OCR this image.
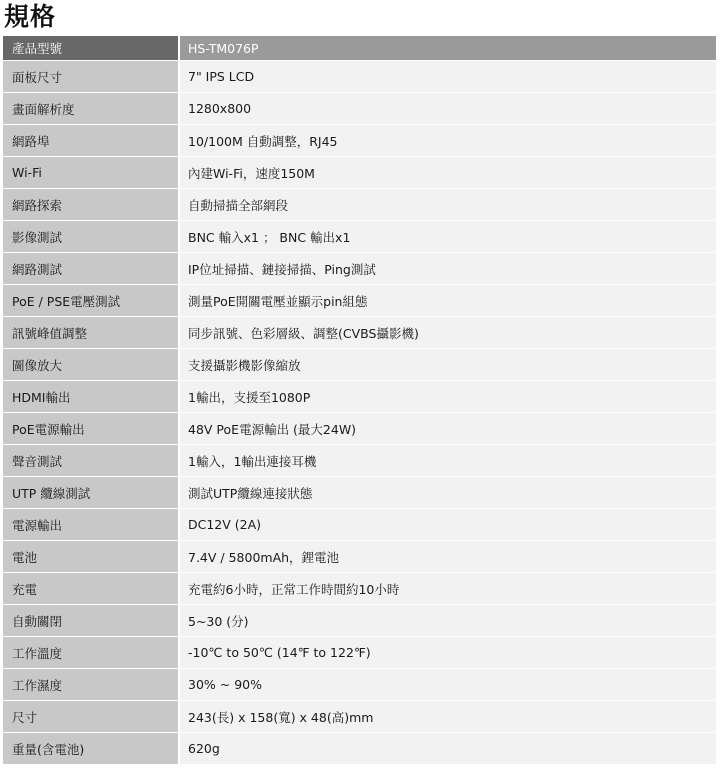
規格
產品型號	HS-TM076P
面板尺寸	7" IPS LCD
畫面解析度	1280x800
網路埠	10/100M 自動調整，RJ45
Wi-Fi	內建Wi-Fi，速度150M
網路探索	自動掃描全部網段
影像測試	BNC 輸入x1 ； BNC 輸出x1
網路測試	IP位址掃描、鏈接掃描、Ping測試
PoE / PSE電壓測試	測量PoE開關電壓並顯示pin組態
訊號峰值調整	同步訊號、色彩層級、調整(CVBS攝影機)
圖像放大	支援攝影機影像縮放
HDMI輸出	1輸出，支援至1080P
PoE電源輸出	48V PoE電源輸出 (最大24W)
聲音測試	1輸入，1輸出連接耳機
UTP 纜線測試	測試UTP纜線連接狀態
電源輸出	DC12V (2A)
電池	7.4V / 5800mAh，鋰電池
充電	充電約6小時，正常工作時間約10小時
自動關閉	5~30 (分)
工作溫度	-10℃ to 50℃ (14℉ to 122℉)
工作濕度	30% ~ 90%
尺寸	243(長) x 158(寬) x 48(高)mm
重量(含電池)	620g
